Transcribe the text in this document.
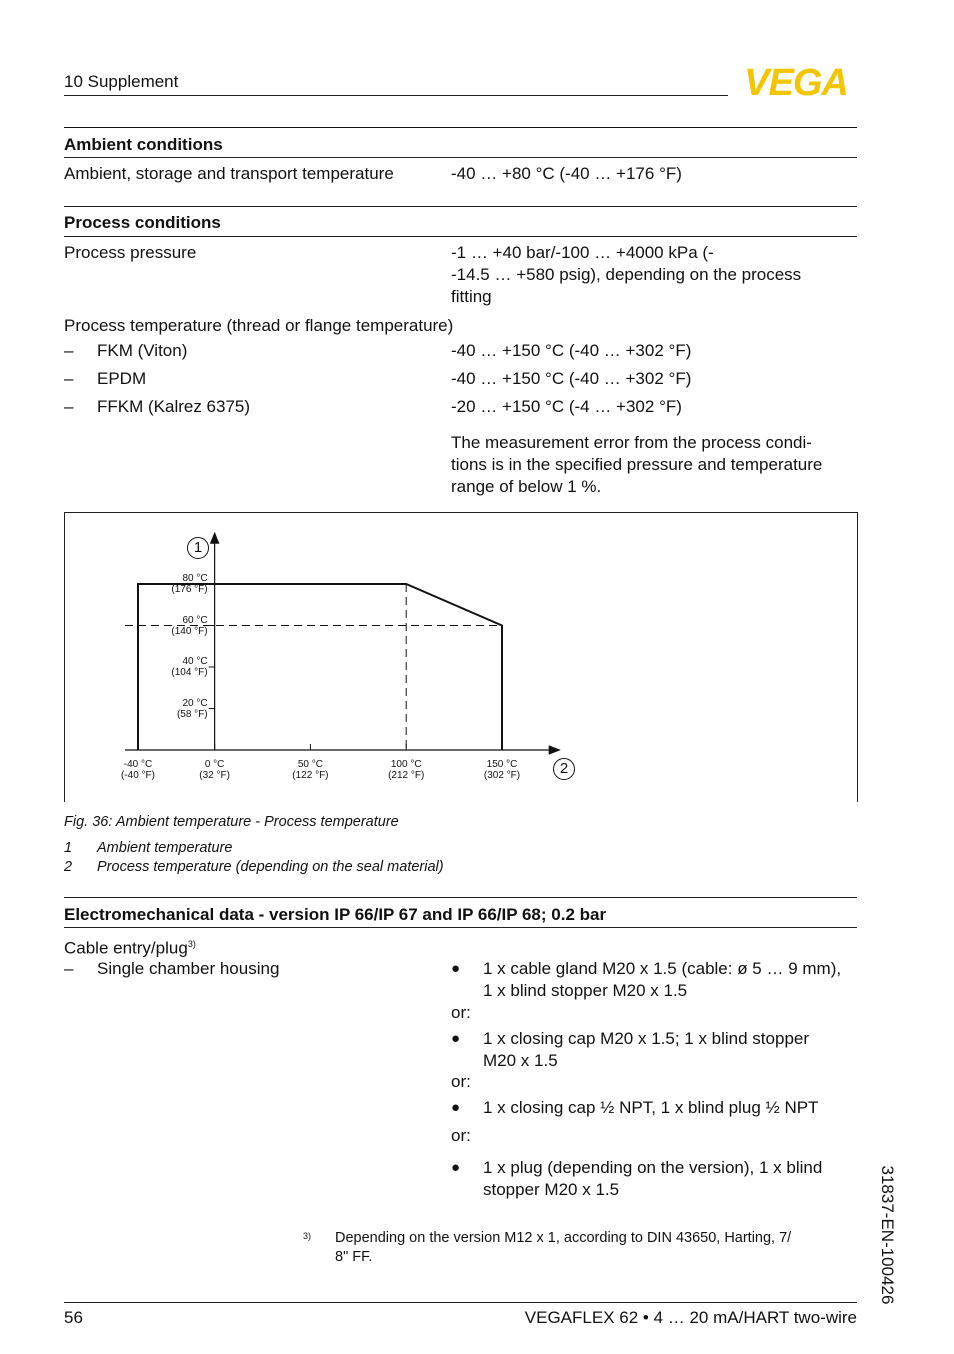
10 Supplement	VEGA
Ambient conditions
Ambient, storage and transport temperature	-40 … +80 °C (-40 … +176 °F)
Process conditions
Process pressure	-1 … +40 bar/-100 … +4000 kPa (-
-14.5 … +580 psig), depending on the process
fitting
Process temperature (thread or flange temperature)
– FKM (Viton)	-40 … +150 °C (-40 … +302 °F)
– EPDM	-40 … +150 °C (-40 … +302 °F)
– FFKM (Kalrez 6375)	-20 … +150 °C (-4 … +302 °F)
The measurement error from the process condi-
tions is in the specified pressure and temperature
range of below 1 %.
-40 °C
(-40 °F)
0 °C
(32 °F)
50 °C
(122 °F)
100 °C
(212 °F)
150 °C
(302 °F)
80 °C
(176 °F)
60 °C
(140 °F)
40 °C
(104 °F)
20 °C
(58 °F)
1
2
Fig. 36: Ambient temperature - Process temperature
1 Ambient temperature
2 Process temperature (depending on the seal material)
Electromechanical data - version IP 66/IP 67 and IP 66/IP 68; 0.2 bar
Cable entry/plug$^{3)}$
– Single chamber housing	● 1 x cable gland M20 x 1.5 (cable: ø 5 … 9 mm),
1 x blind stopper M20 x 1.5
or:
● 1 x closing cap M20 x 1.5; 1 x blind stopper
M20 x 1.5
or:
● 1 x closing cap ½ NPT, 1 x blind plug ½ NPT
or:
● 1 x plug (depending on the version), 1 x blind
stopper M20 x 1.5
3) Depending on the version M12 x 1, according to DIN 43650, Harting, 7/
8" FF.	31837-EN-100426
56	VEGAFLEX 62 • 4 … 20 mA/HART two-wire
